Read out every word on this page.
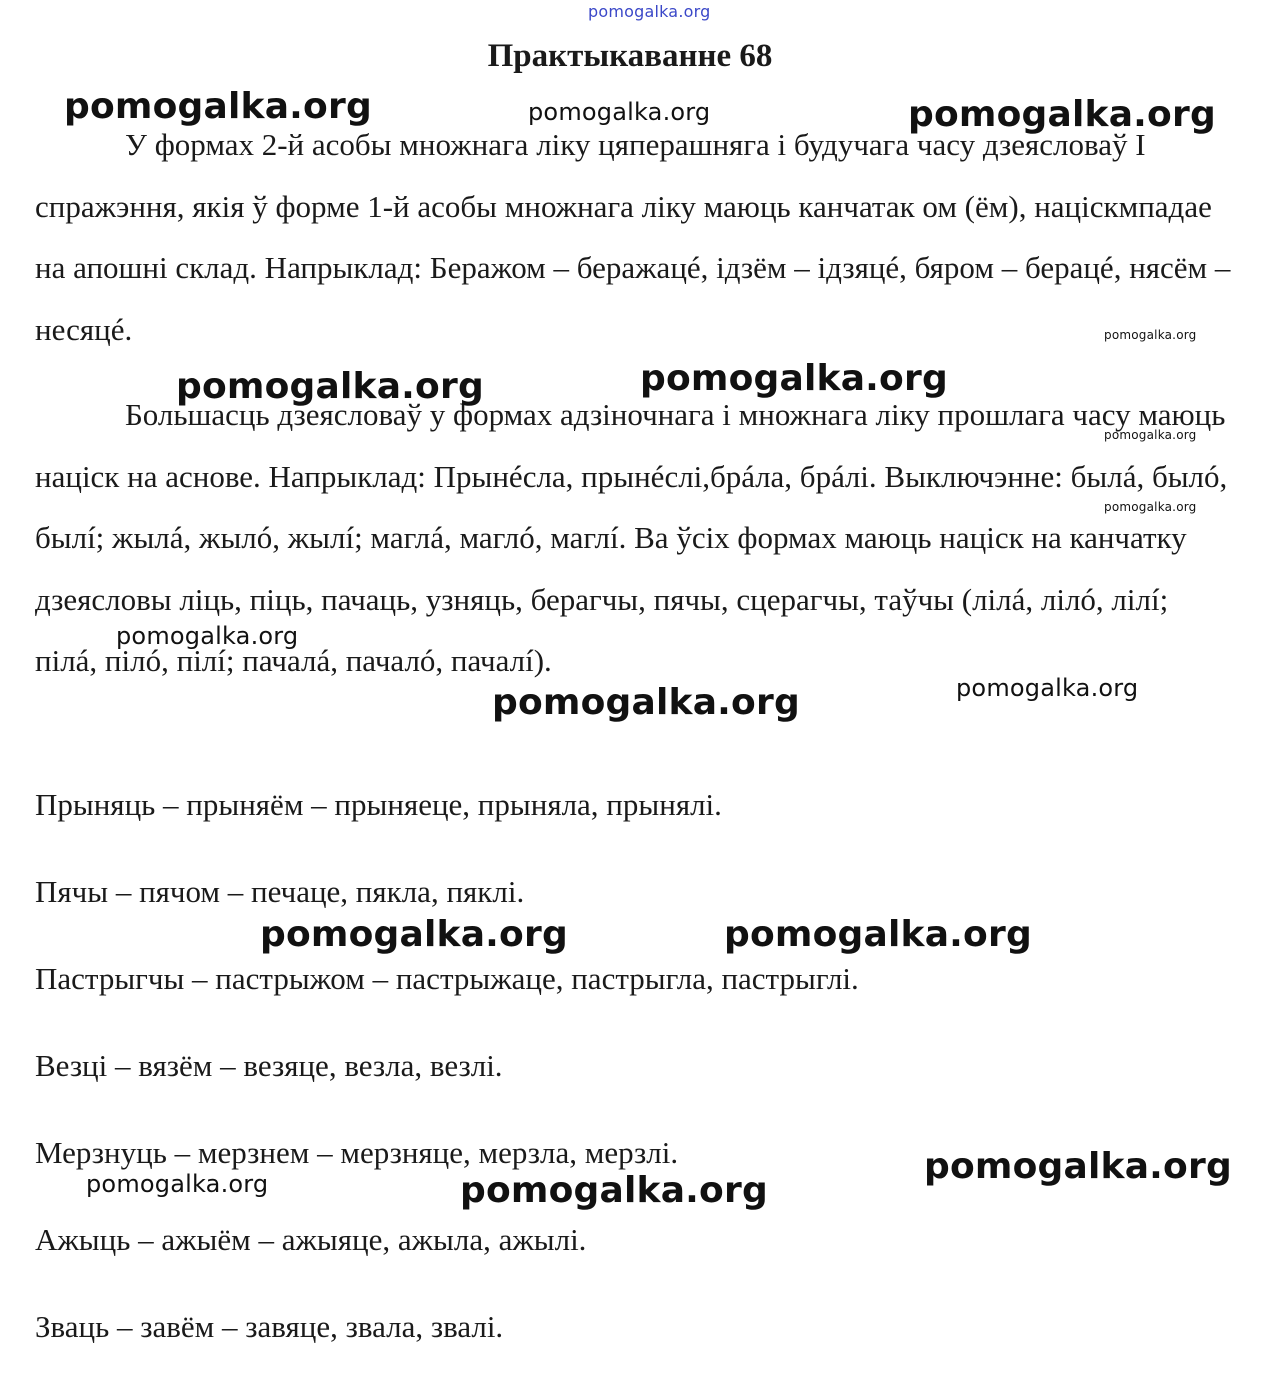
pomogalka.org
Практыкаванне 68

У формах 2-й асобы множнага ліку цяперашняга і будучага часу дзеясловаў I спражэння, якія ў форме 1-й асобы множнага ліку маюць канчатак ом (ём), націскмпадае на апошні склад. Напрыклад: Беражом – беражацé, ідзём – ідзяцé, бяром – берацé, нясём – несяцé.

Большасць дзеясловаў у формах адзіночнага і множнага ліку прошлага часу маюць націск на аснове. Напрыклад: Прынéсла, прынéслі,брáла, брáлі. Выключэнне: былá, былó, былí; жылá, жылó, жылí; маглá, маглó, маглí. Ва ўсіх формах маюць націск на канчатку дзеясловы ліць, піць, пачаць, узняць, берагчы, пячы, сцерагчы, таўчы (лілá, лілó, лілí; пілá, пілó, пілí; пачалá, пачалó, пачалí).

Прыняць – прыняём – прыняеце, прыняла, прынялі.
Пячы – пячом – печаце, пякла, пяклі.
Пастрыгчы – пастрыжом – пастрыжаце, пастрыгла, пастрыглі.
Везці – вязём – везяце, везла, везлі.
Мерзнуць – мерзнем – мерзняце, мерзла, мерзлі.
Ажыць – ажыём – ажыяце, ажыла, ажылі.
Зваць – завём – завяце, звала, звалі.
pomogalka.org	pomogalka.org	pomogalka.org
pomogalka.org
pomogalka.org	pomogalka.org
pomogalka.org
pomogalka.org
pomogalka.org
pomogalka.org
pomogalka.org
pomogalka.org	pomogalka.org
pomogalka.org
pomogalka.org	pomogalka.org
